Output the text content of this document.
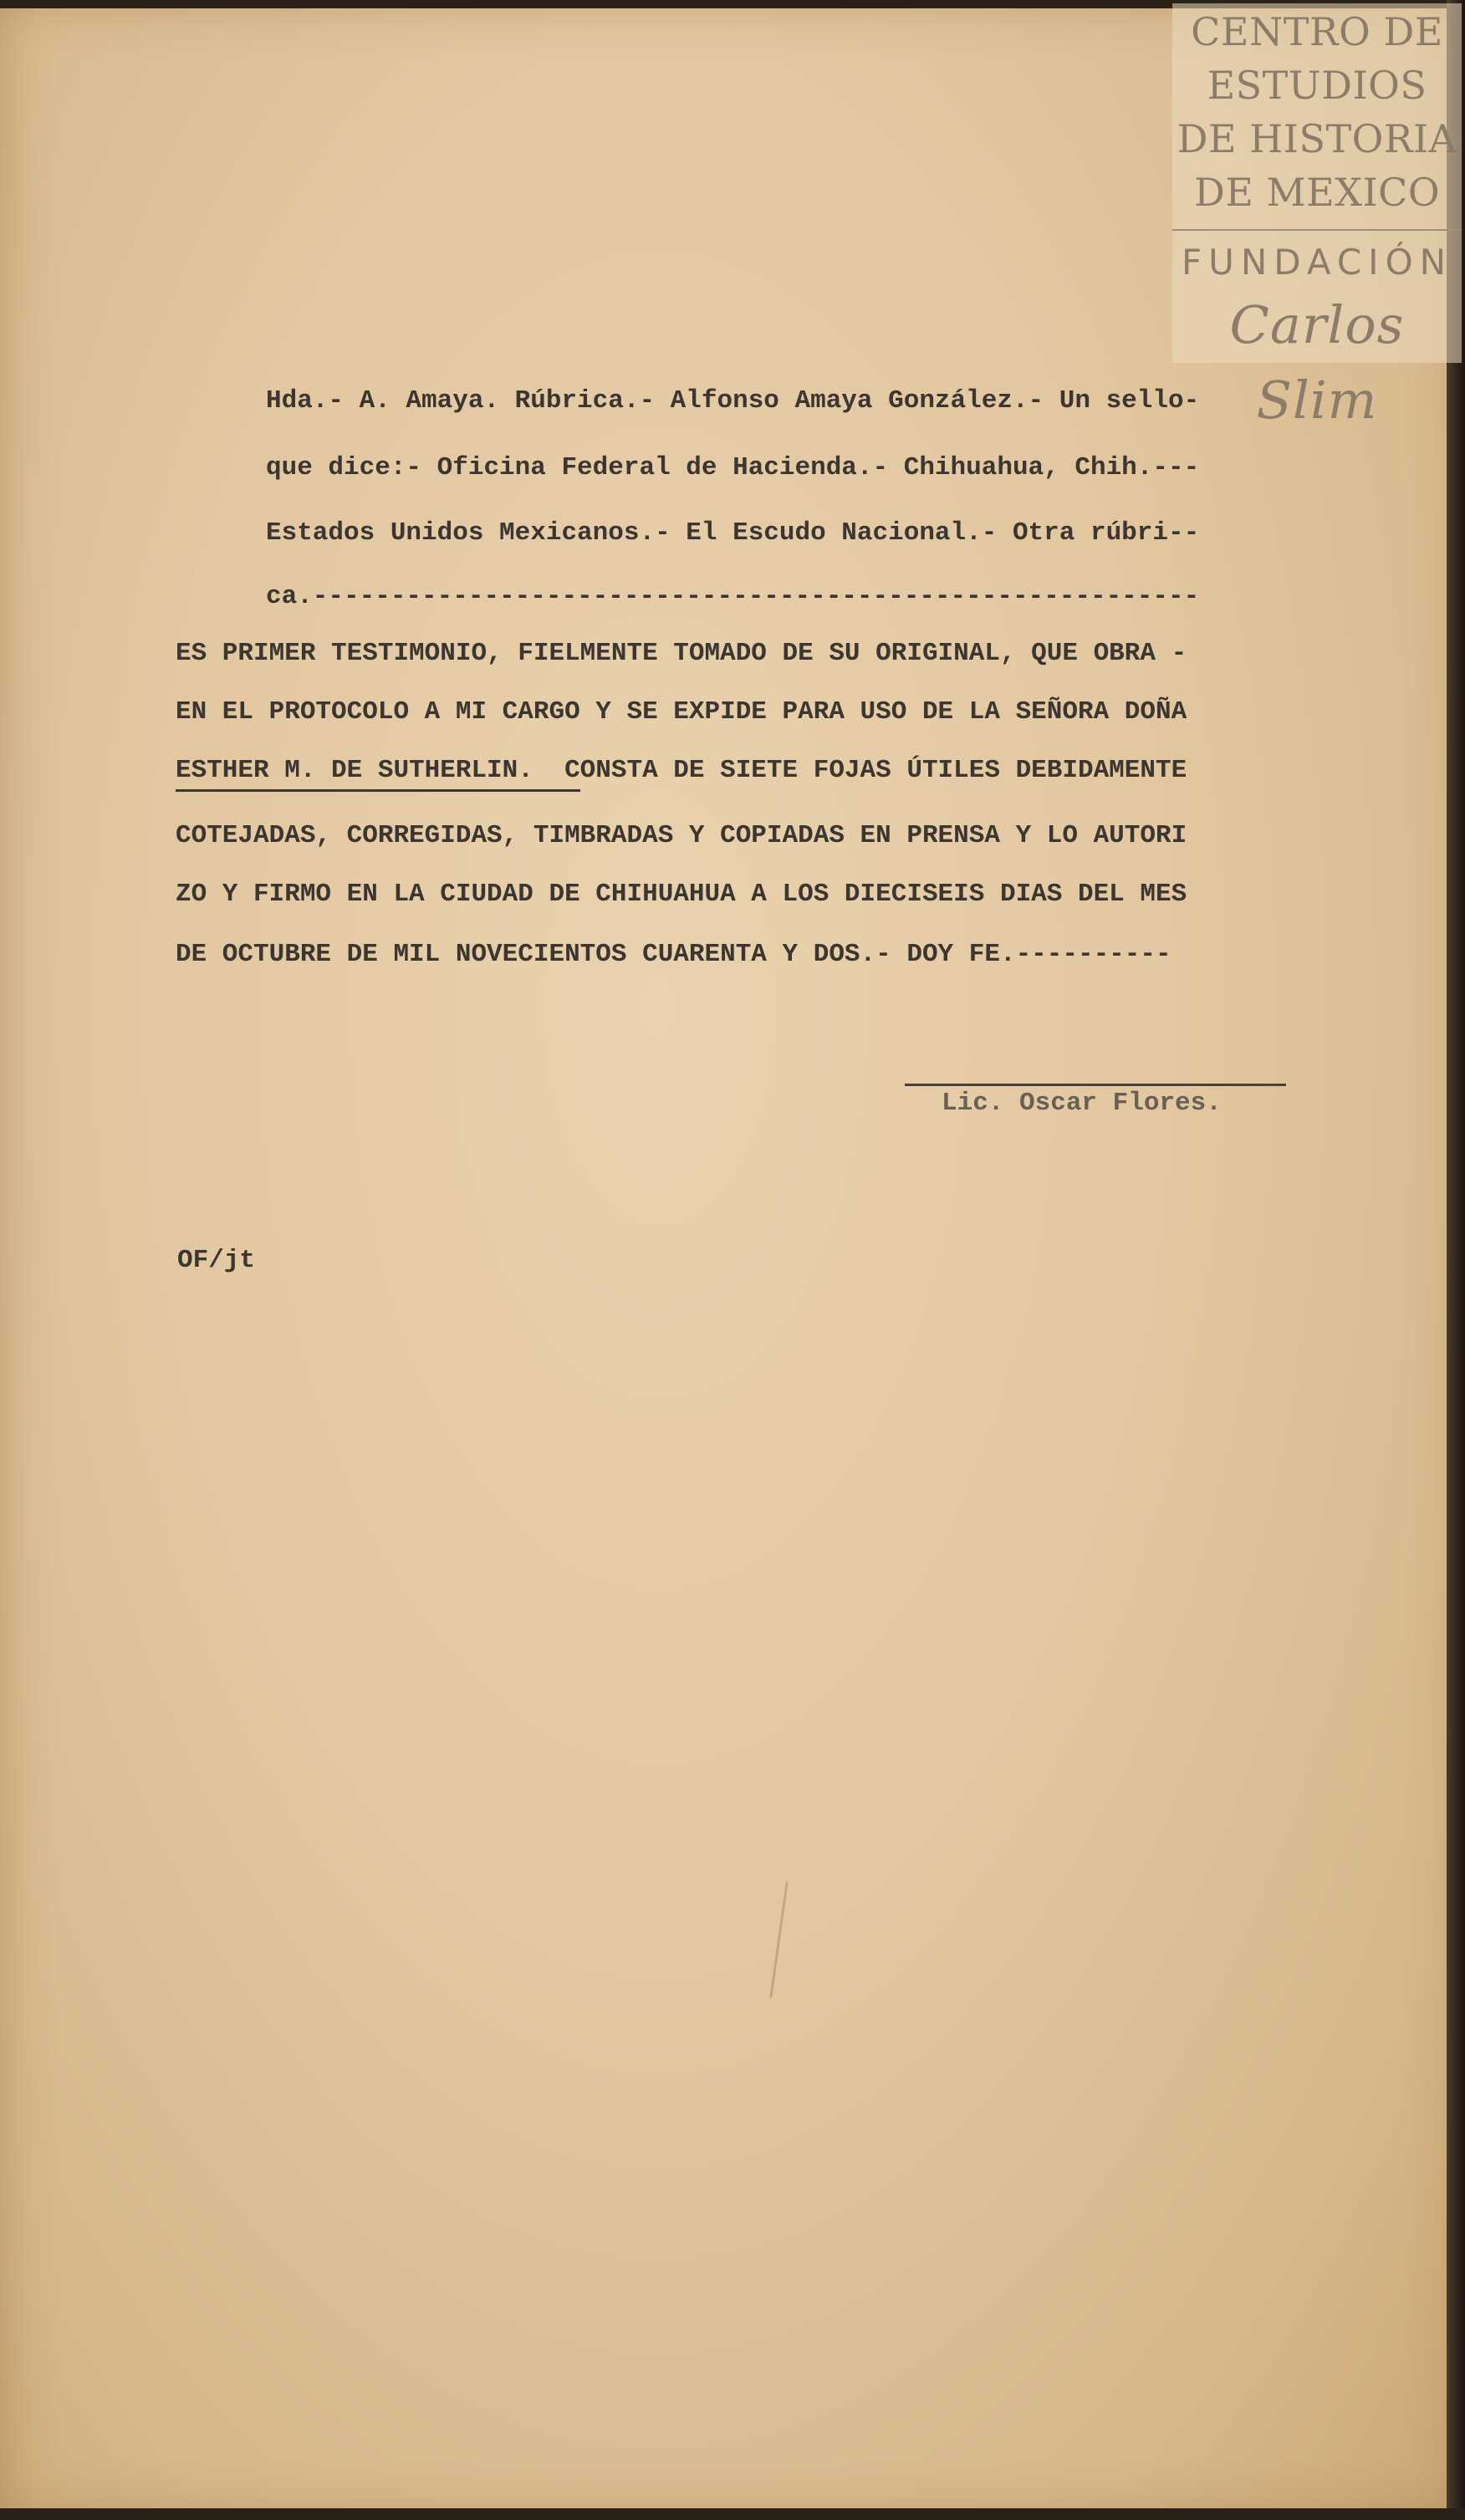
CENTRO DE
ESTUDIOS
DE HISTORIA
DE MEXICO
FUNDACIÓN
Carlos Slim
Hda.- A. Amaya. Rúbrica.- Alfonso Amaya González.- Un sello-
que dice:- Oficina Federal de Hacienda.- Chihuahua, Chih.---
Estados Unidos Mexicanos.- El Escudo Nacional.- Otra rúbri--
ca.---------------------------------------------------------
ES PRIMER TESTIMONIO, FIELMENTE TOMADO DE SU ORIGINAL, QUE OBRA -
EN EL PROTOCOLO A MI CARGO Y SE EXPIDE PARA USO DE LA SEÑORA DOÑA
ESTHER M. DE SUTHERLIN.  CONSTA DE SIETE FOJAS ÚTILES DEBIDAMENTE
COTEJADAS, CORREGIDAS, TIMBRADAS Y COPIADAS EN PRENSA Y LO AUTORI
ZO Y FIRMO EN LA CIUDAD DE CHIHUAHUA A LOS DIECISEIS DIAS DEL MES
DE OCTUBRE DE MIL NOVECIENTOS CUARENTA Y DOS.- DOY FE.----------
Lic. Oscar Flores.
OF/jt
